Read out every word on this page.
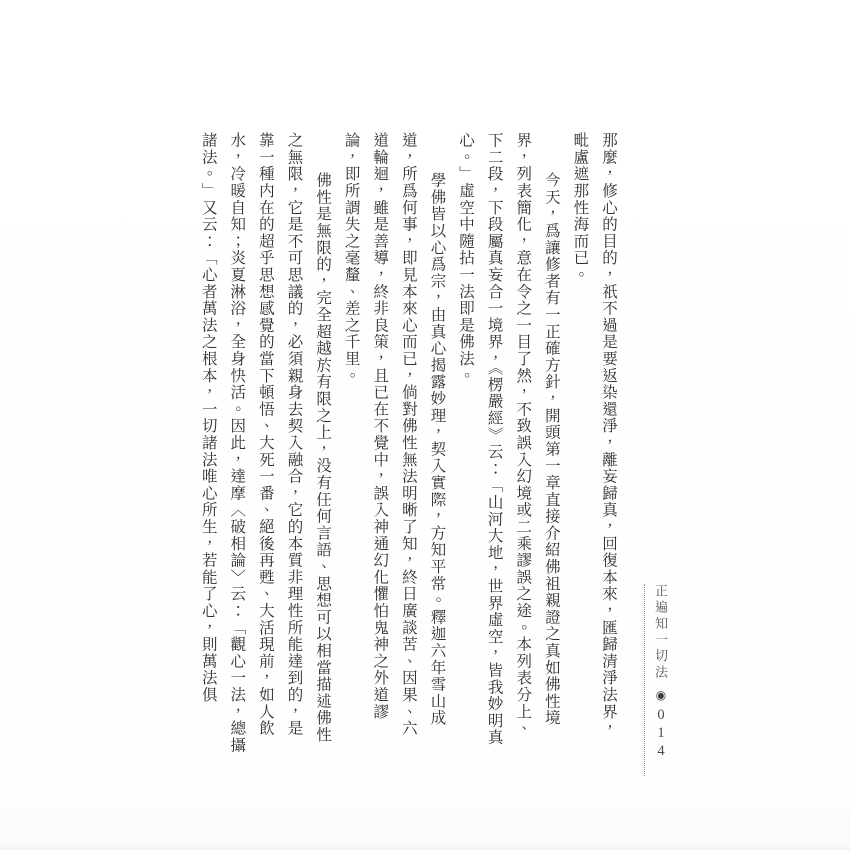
那麼，修心的目的，祇不過是要返染還淨，離妄歸真，回復本來，匯歸清淨法界，
毗盧遮那性海而已。
今天，爲讓修者有一正確方針，開頭第一章直接介紹佛祖親證之真如佛性境
界，列表簡化，意在令之一目了然，不致誤入幻境或二乘謬誤之途。本列表分上、
下二段，下段屬真妄合一境界，《楞嚴經》云：「山河大地，世界虛空，皆我妙明真
心。」虛空中隨拈一法即是佛法。
學佛皆以心爲宗，由真心揭露妙理，契入實際，方知平常。釋迦六年雪山成
道，所爲何事，即見本來心而已，倘對佛性無法明晰了知，終日廣談苦、因果、六
道輪迴，雖是善導，終非良策，且已在不覺中，誤入神通幻化懼怕鬼神之外道謬
論，即所謂失之毫釐、差之千里。
佛性是無限的，完全超越於有限之上，没有任何言語、思想可以相當描述佛性
之無限，它是不可思議的，必須親身去契入融合，它的本質非理性所能達到的，是
靠一種内在的超乎思想感覺的當下頓悟、大死一番、絕後再甦、大活現前，如人飲
水，冷暖自知；炎夏淋浴，全身快活。因此，達摩〈破相論〉云：「觀心一法，總攝
諸法。」又云：「心者萬法之根本，一切諸法唯心所生，若能了心，則萬法俱	正遍知一切法
◉
014
